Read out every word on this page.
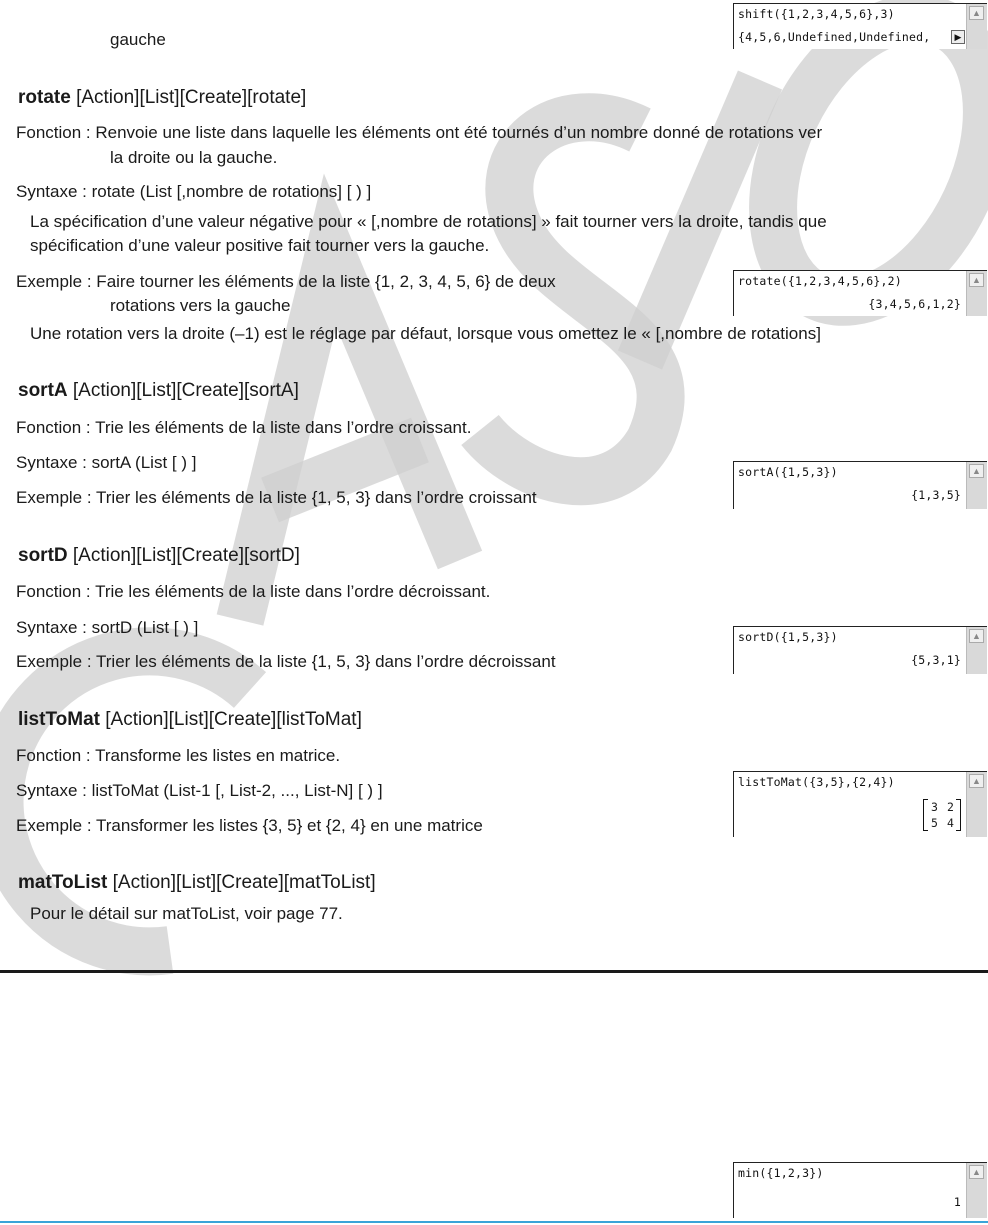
gauche
shift({1,2,3,4,5,6},3)
{4,5,6,Undefined,Undefined,	▶
▲
rotate [Action][List][Create][rotate]
Fonction : Renvoie une liste dans laquelle les éléments ont été tournés d’un nombre donné de rotations ver
la droite ou la gauche.
Syntaxe : rotate (List [,nombre de rotations] [ ) ]
La spécification d’une valeur négative pour « [,nombre de rotations] » fait tourner vers la droite, tandis que
spécification d’une valeur positive fait tourner vers la gauche.
Exemple : Faire tourner les éléments de la liste {1, 2, 3, 4, 5, 6} de deux
rotations vers la gauche
Une rotation vers la droite (–1) est le réglage par défaut, lorsque vous omettez le « [,nombre de rotations]
rotate({1,2,3,4,5,6},2)
{3,4,5,6,1,2}
▲
sortA [Action][List][Create][sortA]
Fonction : Trie les éléments de la liste dans l’ordre croissant.
Syntaxe : sortA (List [ ) ]
Exemple : Trier les éléments de la liste {1, 5, 3} dans l’ordre croissant
sortA({1,5,3})
{1,3,5}
▲
sortD [Action][List][Create][sortD]
Fonction : Trie les éléments de la liste dans l’ordre décroissant.
Syntaxe : sortD (List [ ) ]
Exemple : Trier les éléments de la liste {1, 5, 3} dans l’ordre décroissant
sortD({1,5,3})
{5,3,1}
▲
listToMat [Action][List][Create][listToMat]
Fonction : Transforme les listes en matrice.
Syntaxe : listToMat (List-1 [, List-2, ..., List-N] [ ) ]
Exemple : Transformer les listes {3, 5} et {2, 4} en une matrice
listToMat({3,5},{2,4})
3 2
5 4
▲
matToList [Action][List][Create][matToList]
Pour le détail sur matToList, voir page 77.
min({1,2,3})
1
▲
